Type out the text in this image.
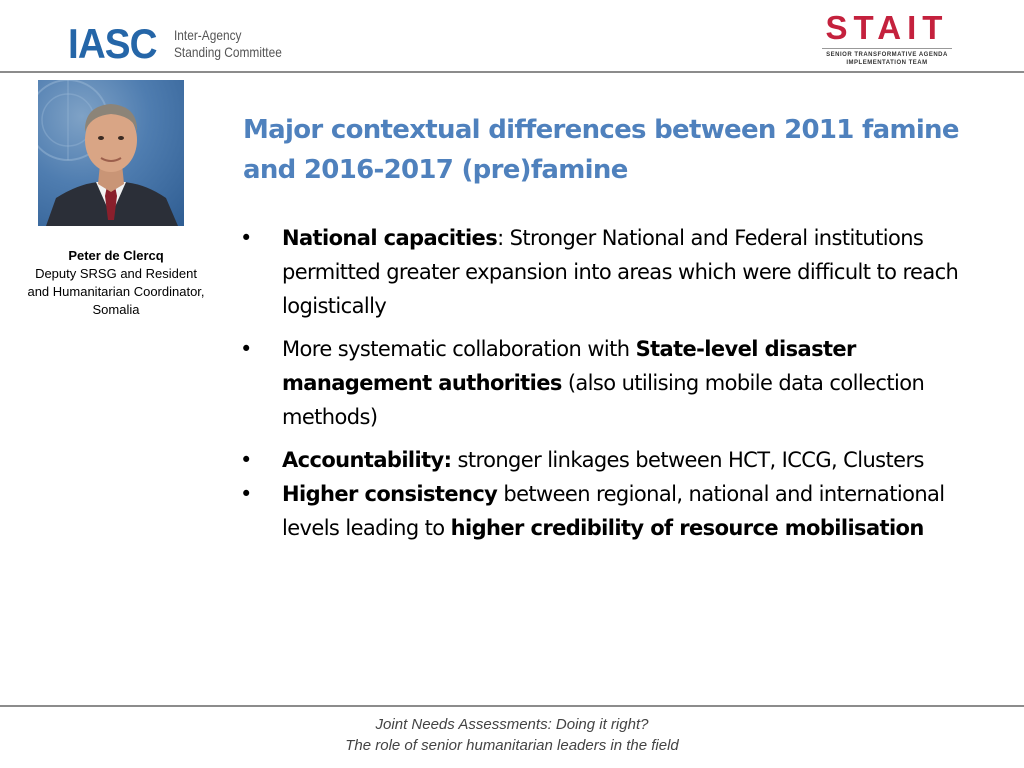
IASC Inter-Agency
Standing Committee
STAIT
SENIOR TRANSFORMATIVE AGENDA
IMPLEMENTATION TEAM
Peter de Clercq
Deputy SRSG and Resident
and Humanitarian Coordinator,
Somalia
Major contextual differences between 2011 famine
and 2016-2017 (pre)famine
• National capacities: Stronger National and Federal institutions permitted greater expansion into areas which were difficult to reach logistically
• More systematic collaboration with State-level disaster management authorities (also utilising mobile data collection methods)
• Accountability: stronger linkages between HCT, ICCG, Clusters
• Higher consistency between regional, national and international levels leading to higher credibility of resource mobilisation
Joint Needs Assessments: Doing it right?
The role of senior humanitarian leaders in the field
